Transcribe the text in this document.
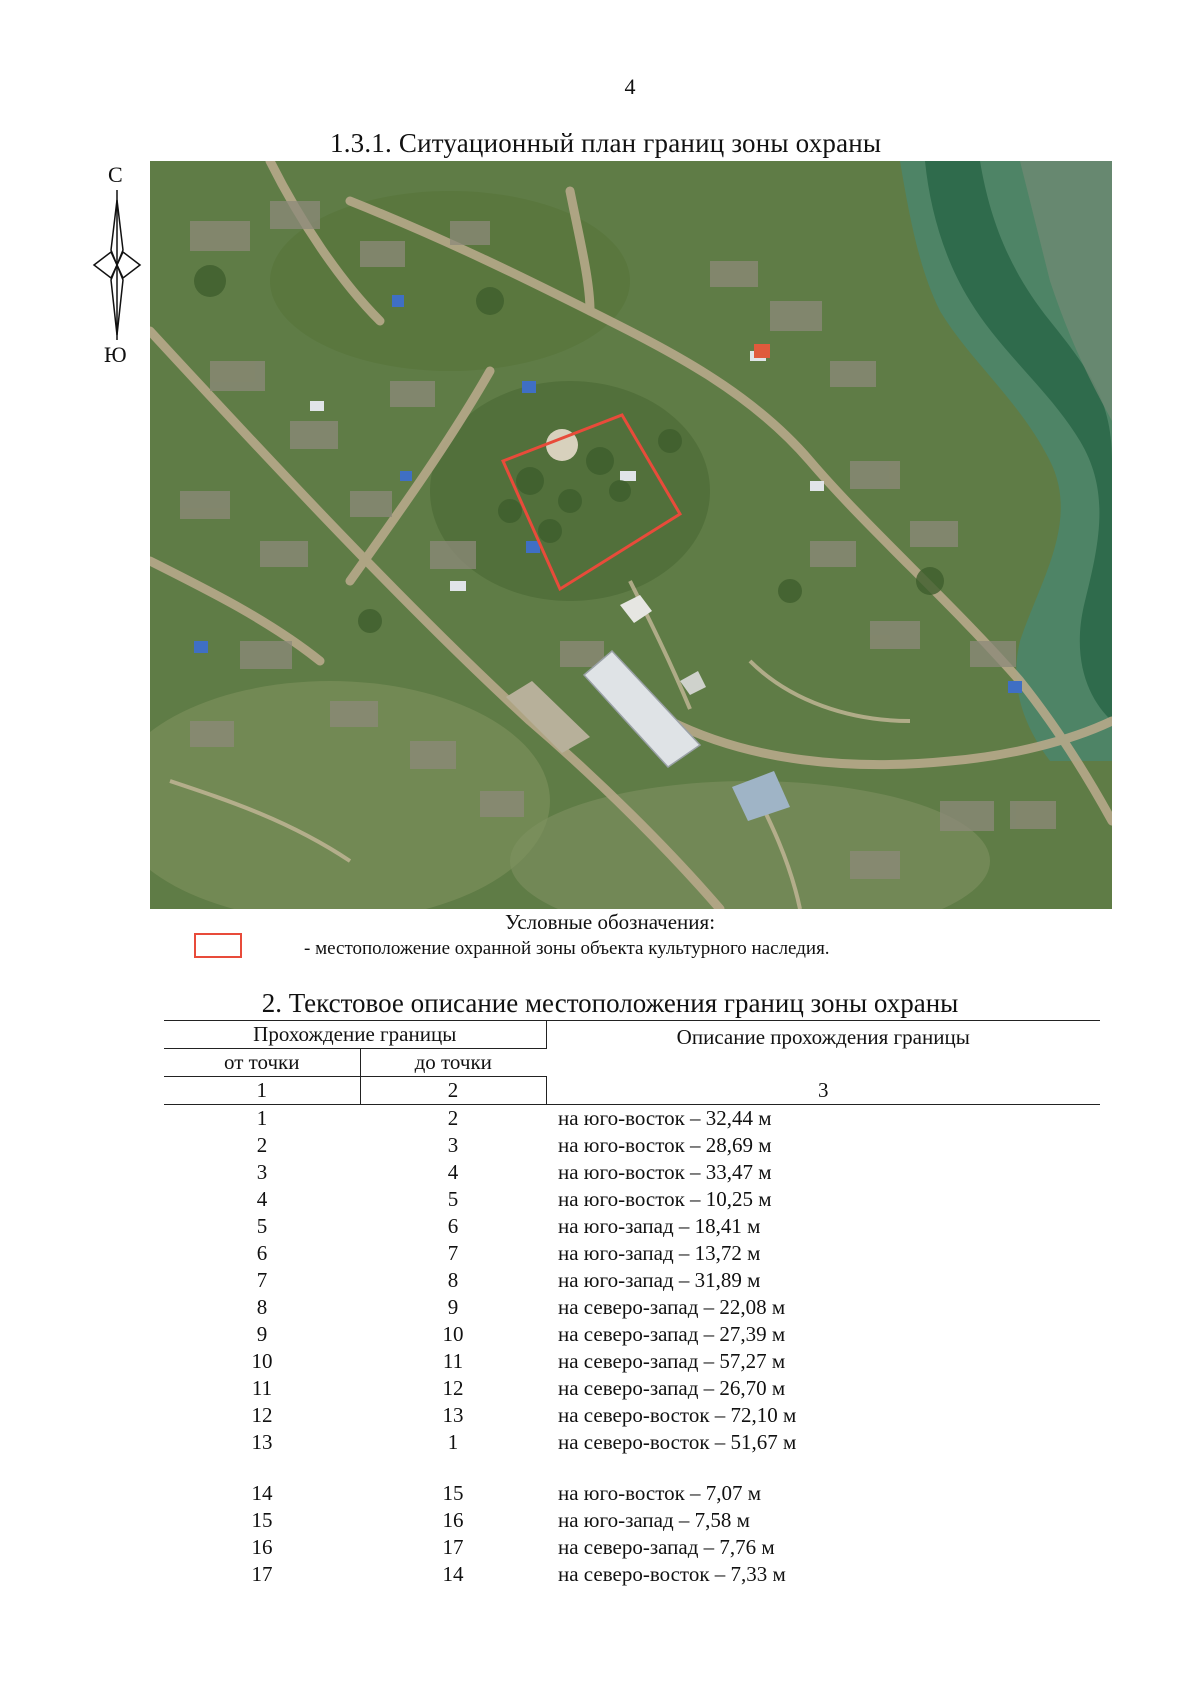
4
1.3.1. Ситуационный план границ зоны охраны
С
Ю
Условные обозначения:
- местоположение охранной зоны объекта культурного наследия.
2. Текстовое описание местоположения границ зоны охраны
Прохождение границы		Описание прохождения границы
от точки	до точки	
1	2	3
1	2	на юго-восток – 32,44 м
2	3	на юго-восток – 28,69 м
3	4	на юго-восток – 33,47 м
4	5	на юго-восток – 10,25 м
5	6	на юго-запад – 18,41 м
6	7	на юго-запад – 13,72 м
7	8	на юго-запад – 31,89 м
8	9	на северо-запад – 22,08 м
9	10	на северо-запад – 27,39 м
10	11	на северо-запад – 57,27 м
11	12	на северо-запад – 26,70 м
12	13	на северо-восток – 72,10 м
13	1	на северо-восток – 51,67 м

14	15	на юго-восток – 7,07 м
15	16	на юго-запад – 7,58 м
16	17	на северо-запад – 7,76 м
17	14	на северо-восток – 7,33 м
